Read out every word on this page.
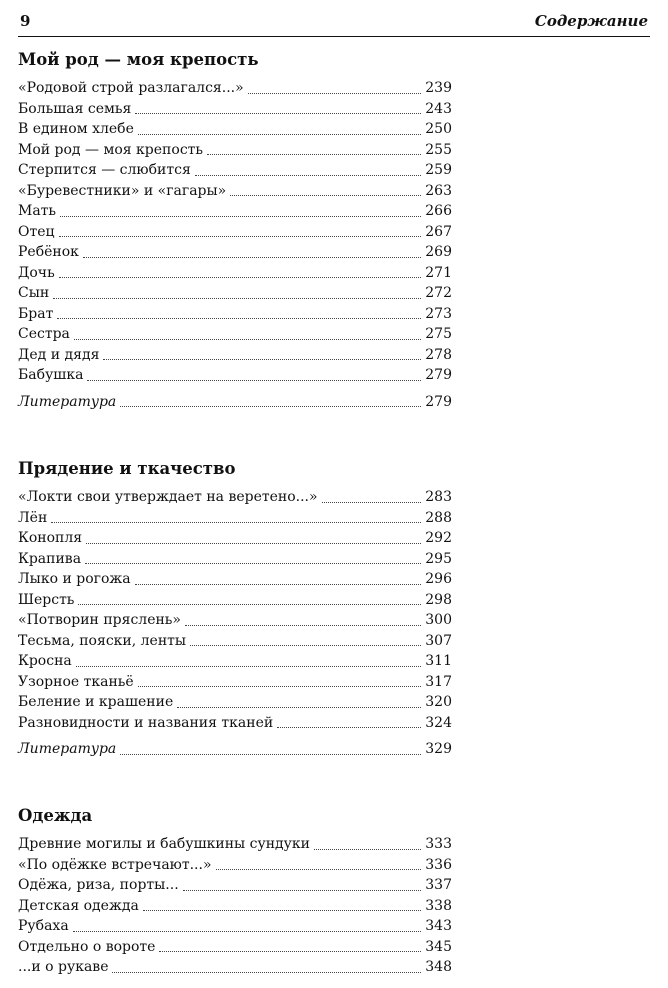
9	Содержание
Мой род — моя крепость
«Родовой строй разлагался...»	239
Большая семья	243
В едином хлебе	250
Мой род — моя крепость	255
Стерпится — слюбится	259
«Буревестники» и «гагары»	263
Мать	266
Отец	267
Ребёнок	269
Дочь	271
Сын	272
Брат	273
Сестра	275
Дед и дядя	278
Бабушка	279
Литература	279
Прядение и ткачество
«Локти свои утверждает на веретено...»	283
Лён	288
Конопля	292
Крапива	295
Лыко и рогожа	296
Шерсть	298
«Потворин пряслень»	300
Тесьма, пояски, ленты	307
Кросна	311
Узорное тканьё	317
Беление и крашение	320
Разновидности и названия тканей	324
Литература	329
Одежда
Древние могилы и бабушкины сундуки	333
«По одёжке встречают...»	336
Одёжа, риза, порты...	337
Детская одежда	338
Рубаха	343
Отдельно о вороте	345
...и о рукаве	348
